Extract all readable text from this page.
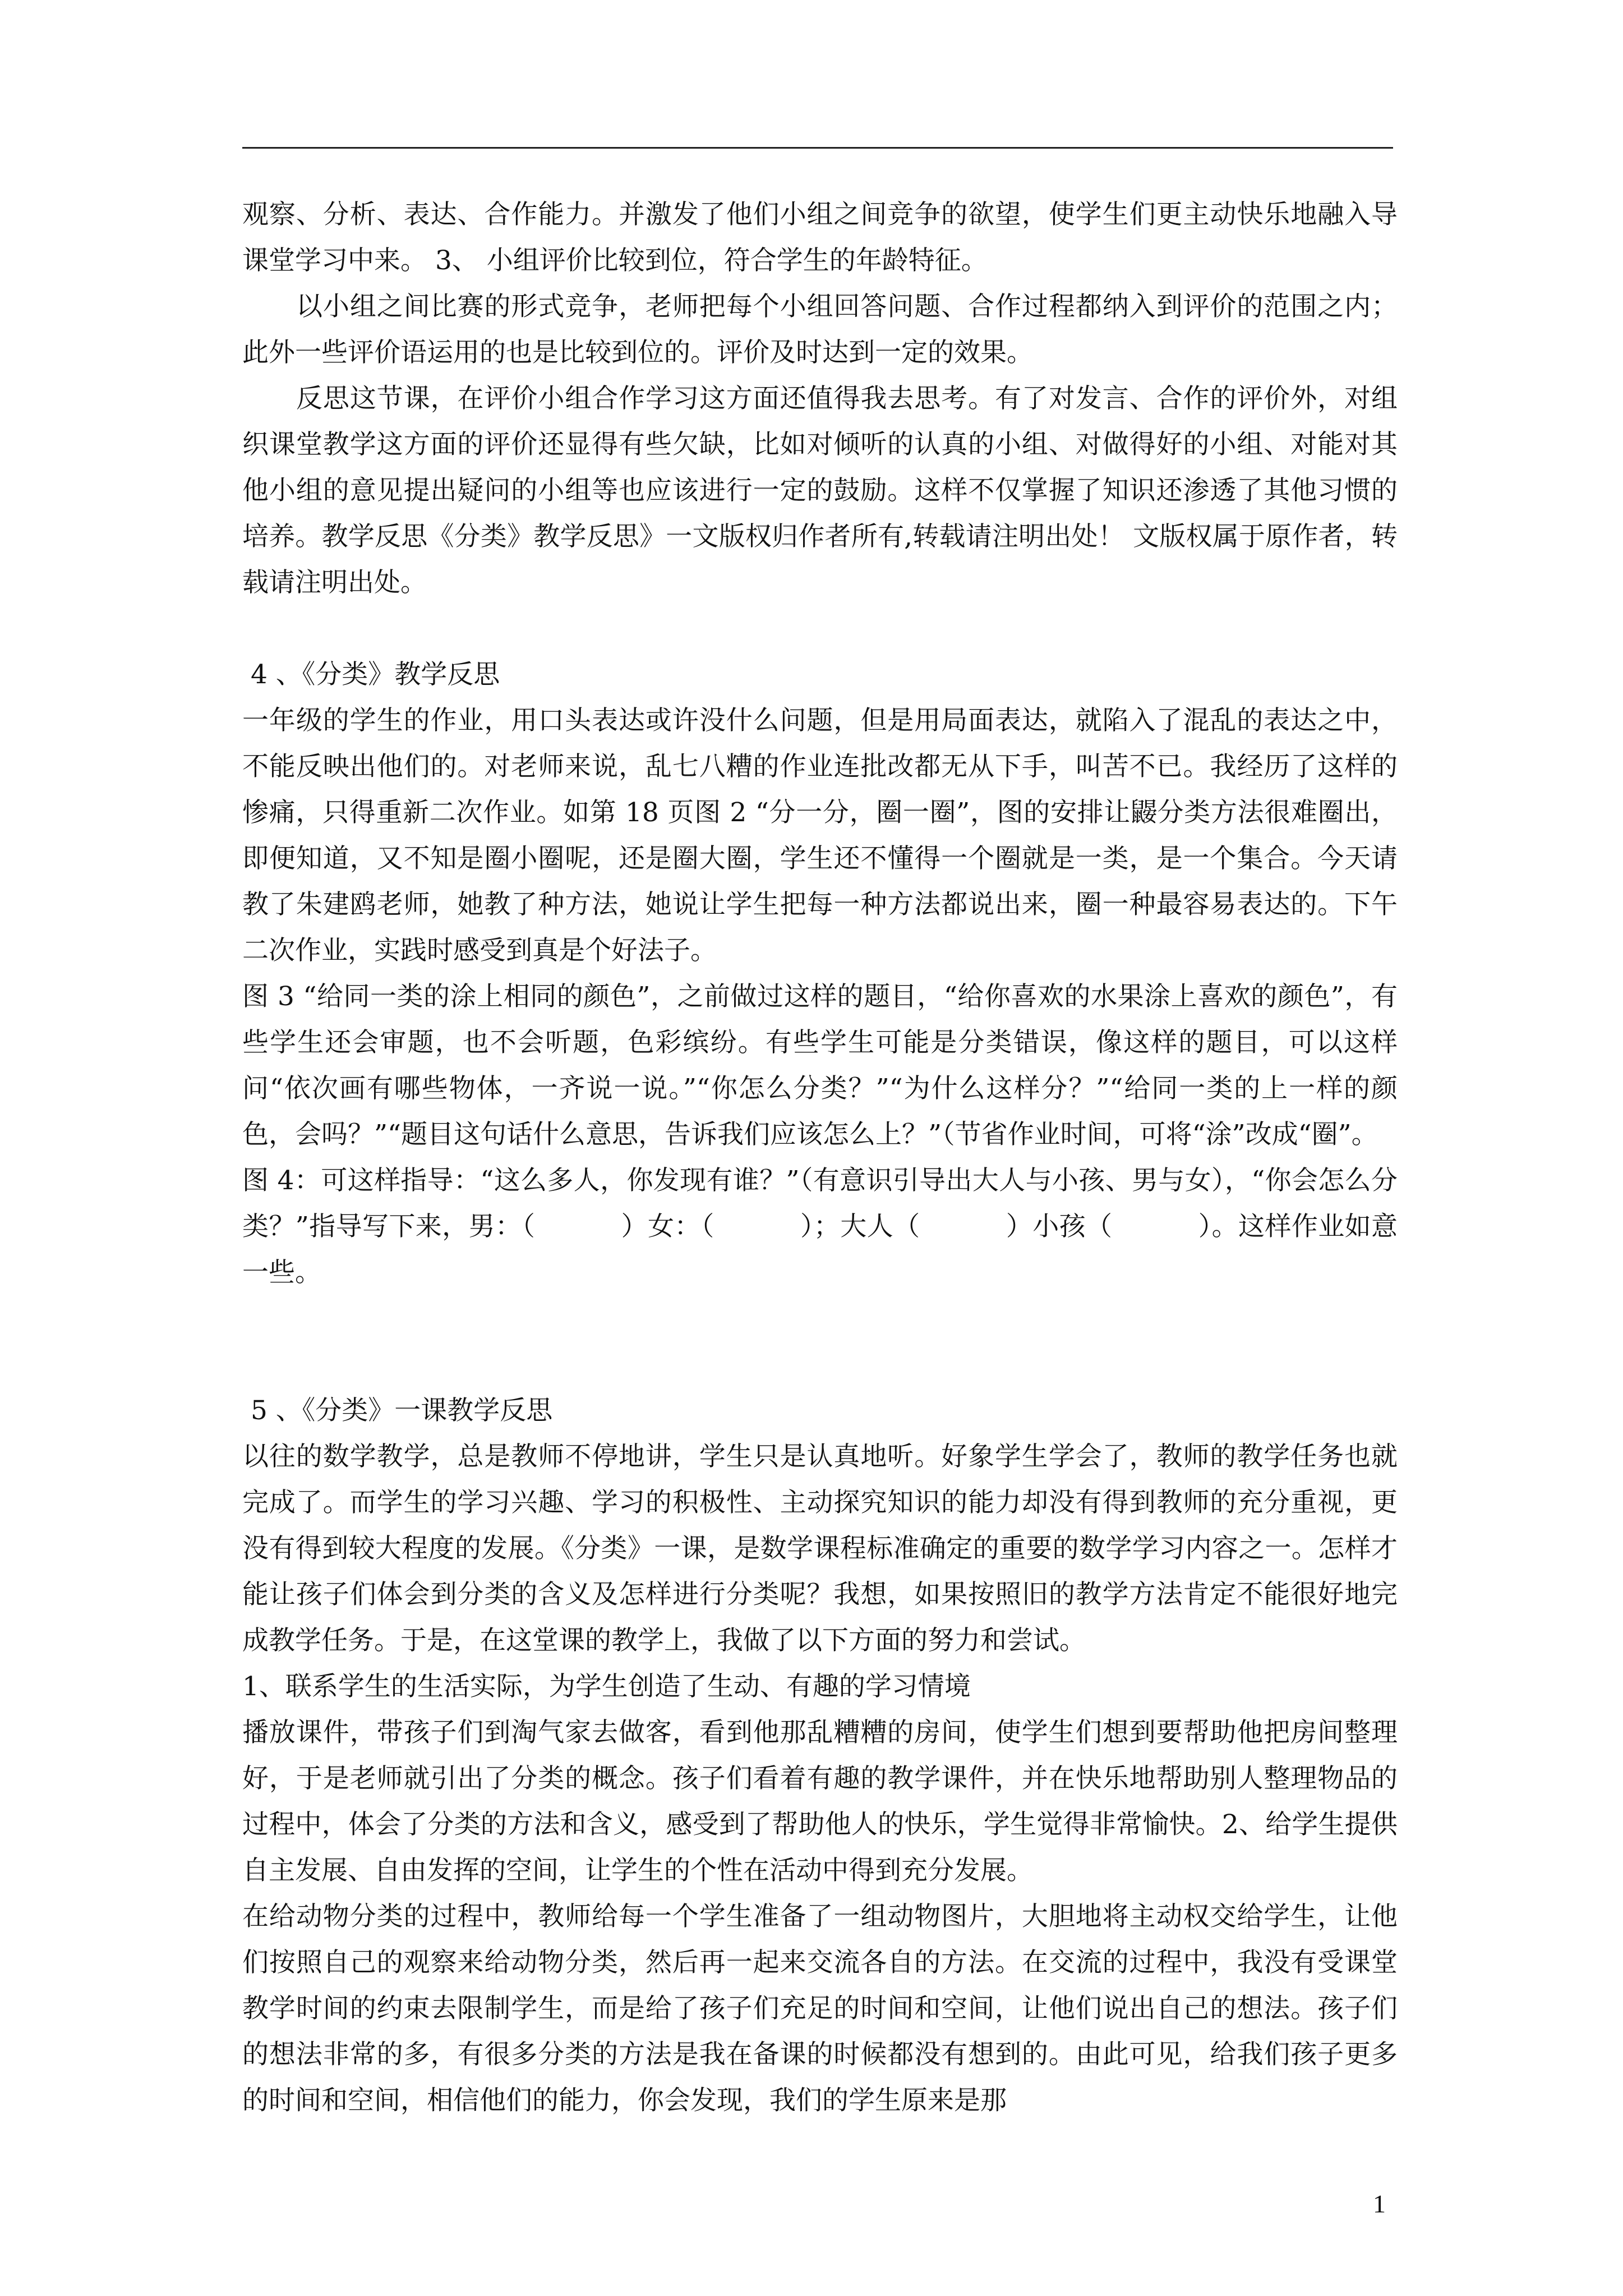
观察、分析、表达、合作能力。并激发了他们小组之间竞争的欲望，使学生们更主动快乐地融入导课堂学习中来。 3、 小组评价比较到位，符合学生的年龄特征。

以小组之间比赛的形式竞争，老师把每个小组回答问题、合作过程都纳入到评价的范围之内；此外一些评价语运用的也是比较到位的。评价及时达到一定的效果。

反思这节课，在评价小组合作学习这方面还值得我去思考。有了对发言、合作的评价外，对组织课堂教学这方面的评价还显得有些欠缺，比如对倾听的认真的小组、对做得好的小组、对能对其他小组的意见提出疑问的小组等也应该进行一定的鼓励。这样不仅掌握了知识还渗透了其他习惯的培养。教学反思《分类》教学反思》一文版权归作者所有,转载请注明出处！ 文版权属于原作者，转载请注明出处。

4 、《分类》教学反思

一年级的学生的作业，用口头表达或许没什么问题，但是用局面表达，就陷入了混乱的表达之中，不能反映出他们的。对老师来说，乱七八糟的作业连批改都无从下手，叫苦不已。我经历了这样的惨痛，只得重新二次作业。如第 18 页图 2 “分一分，圈一圈”，图的安排让鼹分类方法很难圈出，即便知道，又不知是圈小圈呢，还是圈大圈，学生还不懂得一个圈就是一类，是一个集合。今天请教了朱建鸥老师，她教了种方法，她说让学生把每一种方法都说出来，圈一种最容易表达的。下午二次作业，实践时感受到真是个好法子。

图 3 “给同一类的涂上相同的颜色”，之前做过这样的题目，“给你喜欢的水果涂上喜欢的颜色”，有些学生还会审题，也不会听题，色彩缤纷。有些学生可能是分类错误，像这样的题目，可以这样问“依次画有哪些物体，一齐说一说。”“你怎么分类？”“为什么这样分？”“给同一类的上一样的颜色，会吗？”“题目这句话什么意思，告诉我们应该怎么上？”（节省作业时间，可将“涂”改成“圈”。

图 4：可这样指导：“这么多人，你发现有谁？”（有意识引导出大人与小孩、男与女），“你会怎么分类？”指导写下来，男：（          ）女：（          ）；大人（          ）小孩（          ）。这样作业如意一些。

5 、《分类》一课教学反思

以往的数学教学，总是教师不停地讲，学生只是认真地听。好象学生学会了，教师的教学任务也就完成了。而学生的学习兴趣、学习的积极性、主动探究知识的能力却没有得到教师的充分重视，更没有得到较大程度的发展。《分类》一课，是数学课程标准确定的重要的数学学习内容之一。怎样才能让孩子们体会到分类的含义及怎样进行分类呢？我想，如果按照旧的教学方法肯定不能很好地完成教学任务。于是，在这堂课的教学上，我做了以下方面的努力和尝试。

1、联系学生的生活实际，为学生创造了生动、有趣的学习情境

播放课件，带孩子们到淘气家去做客，看到他那乱糟糟的房间，使学生们想到要帮助他把房间整理好，于是老师就引出了分类的概念。孩子们看着有趣的教学课件，并在快乐地帮助别人整理物品的过程中，体会了分类的方法和含义，感受到了帮助他人的快乐，学生觉得非常愉快。2、给学生提供自主发展、自由发挥的空间，让学生的个性在活动中得到充分发展。

在给动物分类的过程中，教师给每一个学生准备了一组动物图片，大胆地将主动权交给学生，让他们按照自己的观察来给动物分类，然后再一起来交流各自的方法。在交流的过程中，我没有受课堂教学时间的约束去限制学生，而是给了孩子们充足的时间和空间，让他们说出自己的想法。孩子们的想法非常的多，有很多分类的方法是我在备课的时候都没有想到的。由此可见，给我们孩子更多的时间和空间，相信他们的能力，你会发现，我们的学生原来是那

1
